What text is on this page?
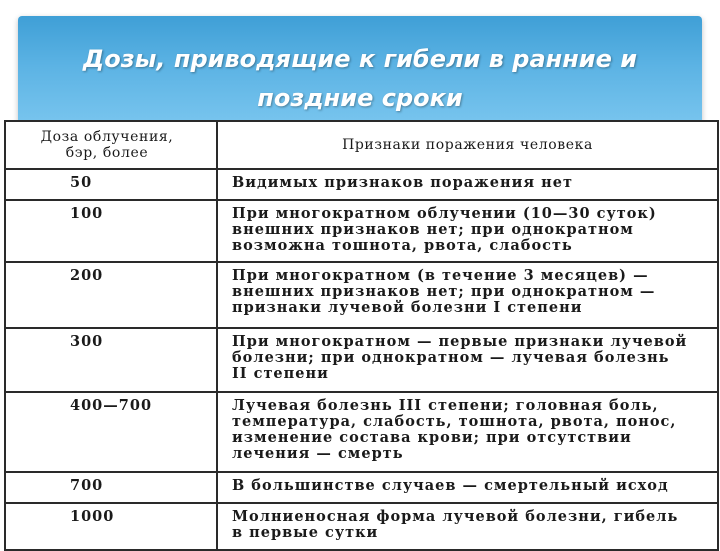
Дозы, приводящие к гибели в ранние и
поздние сроки
Доза облучения,
бэр, более	Признаки поражения человека
50	Видимых признаков поражения нет

100	При многократном облучении (10—30 суток)
внешних признаков нет; при однократном
возможна тошнота, рвота, слабость

200	При многократном (в течение 3 месяцев) —
внешних признаков нет; при однократном —
признаки лучевой болезни I степени

300	При многократном — первые признаки лучевой
болезни; при однократном — лучевая болезнь
II степени

400—700	Лучевая болезнь III степени; головная боль,
температура, слабость, тошнота, рвота, понос,
изменение состава крови; при отсутствии
лечения — смерть

700	В большинстве случаев — смертельный исход

1000	Молниеносная форма лучевой болезни, гибель
в первые сутки
